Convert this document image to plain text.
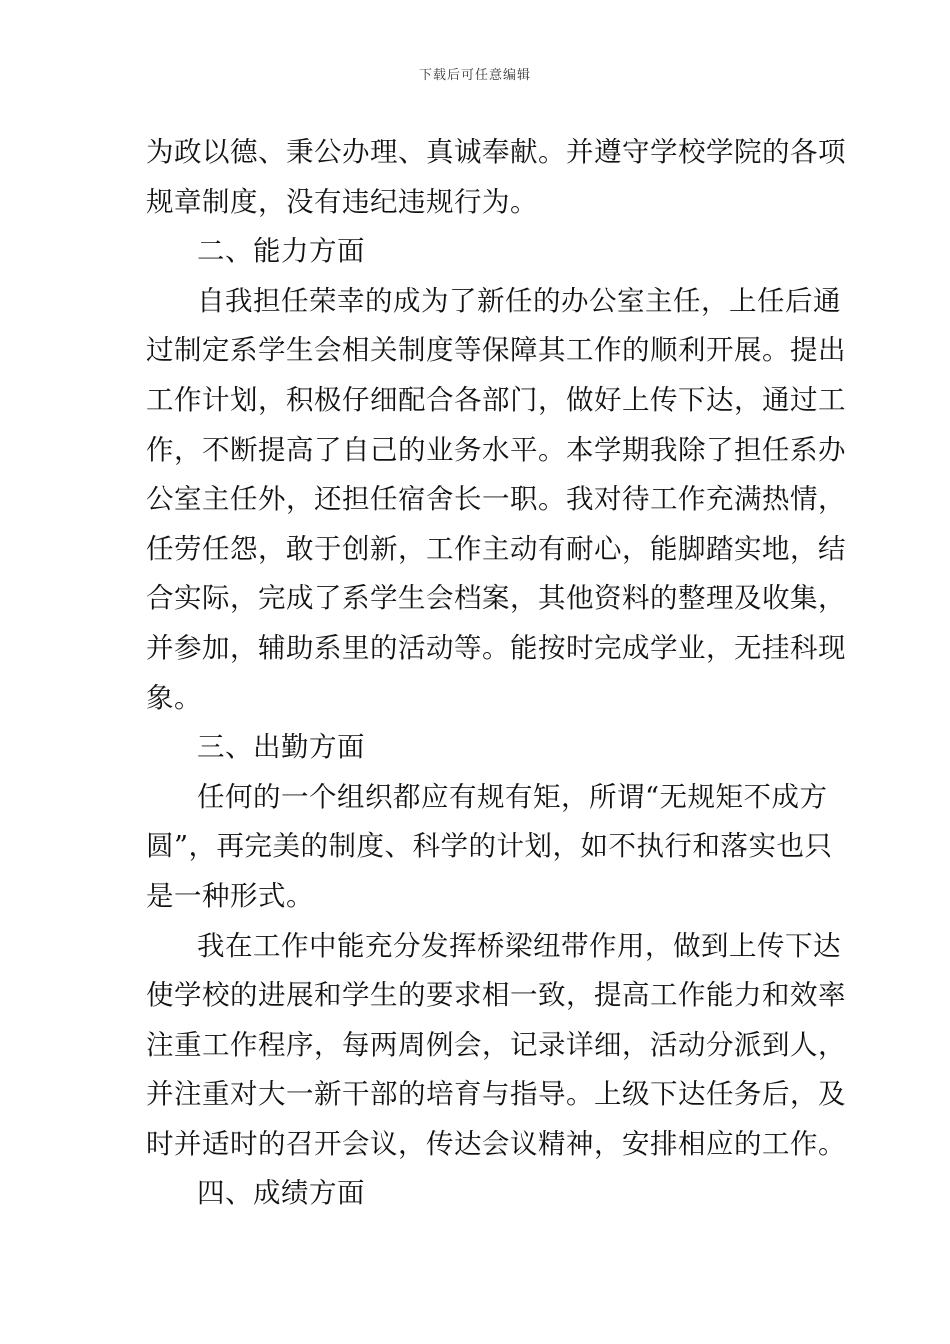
下载后可任意编辑
为政以德、秉公办理、真诚奉献。并遵守学校学院的各项
规章制度，没有违纪违规行为。
二、能力方面
自我担任荣幸的成为了新任的办公室主任，上任后通
过制定系学生会相关制度等保障其工作的顺利开展。提出
工作计划，积极仔细配合各部门，做好上传下达，通过工
作，不断提高了自己的业务水平。本学期我除了担任系办
公室主任外，还担任宿舍长一职。我对待工作充满热情，
任劳任怨，敢于创新，工作主动有耐心，能脚踏实地，结
合实际，完成了系学生会档案，其他资料的整理及收集，
并参加，辅助系里的活动等。能按时完成学业，无挂科现
象。
三、出勤方面
任何的一个组织都应有规有矩，所谓“无规矩不成方
圆”，再完美的制度、科学的计划，如不执行和落实也只
是一种形式。
我在工作中能充分发挥桥梁纽带作用，做到上传下达
使学校的进展和学生的要求相一致，提高工作能力和效率
注重工作程序，每两周例会，记录详细，活动分派到人，
并注重对大一新干部的培育与指导。上级下达任务后，及
时并适时的召开会议，传达会议精神，安排相应的工作。
四、成绩方面
